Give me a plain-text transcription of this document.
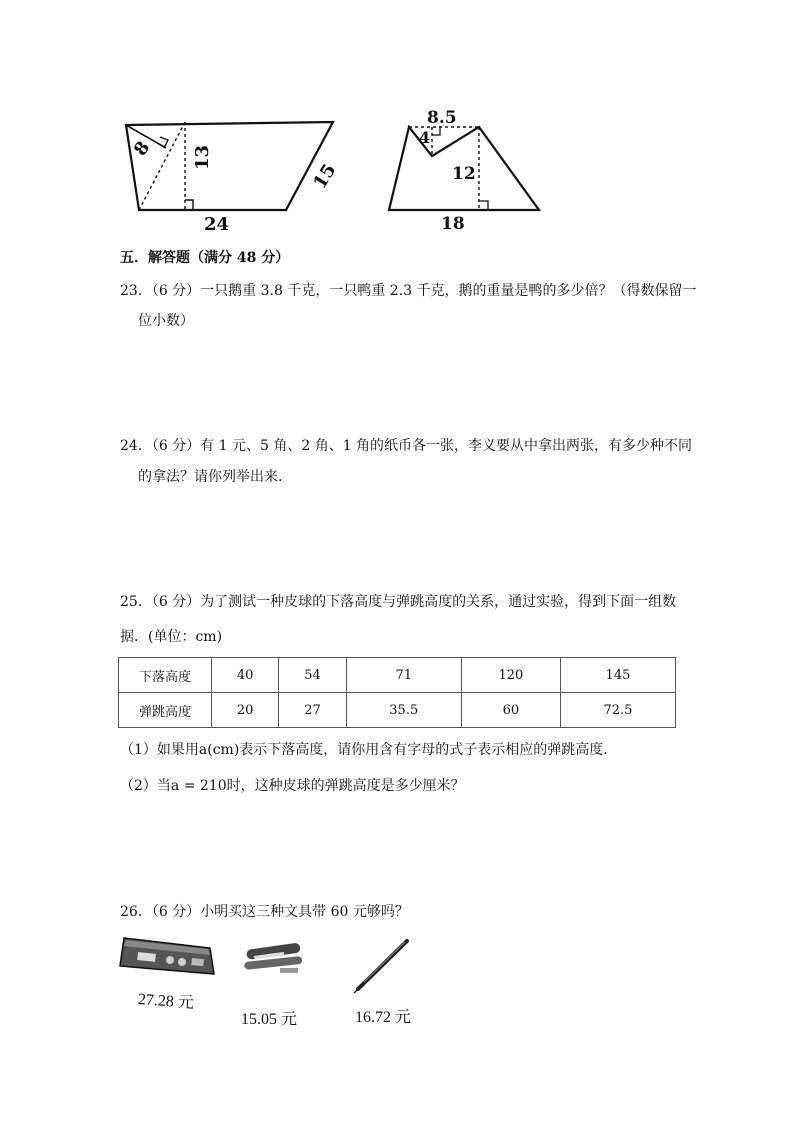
8 13
15
24
8.5
4
12
18
五．解答题（满分 48 分）
23．（6 分）一只鹅重 3.8 千克，一只鸭重 2.3 千克，鹅的重量是鸭的多少倍？（得数保留一
位小数）
24．（6 分）有 1 元、5 角、2 角、1 角的纸币各一张，李义要从中拿出两张，有多少种不同
的拿法？请你列举出来．
25．（6 分）为了测试一种皮球的下落高度与弹跳高度的关系，通过实验，得到下面一组数
据．(单位：cm)
下落高度	40	54	71	120	145
弹跳高度	20	27	35.5	60	72.5
（1）如果用a(cm)表示下落高度，请你用含有字母的式子表示相应的弹跳高度．
（2）当a = 210时，这种皮球的弹跳高度是多少厘米？
26．（6 分）小明买这三种文具带 60 元够吗？
27.28 元
15.05 元	16.72 元
